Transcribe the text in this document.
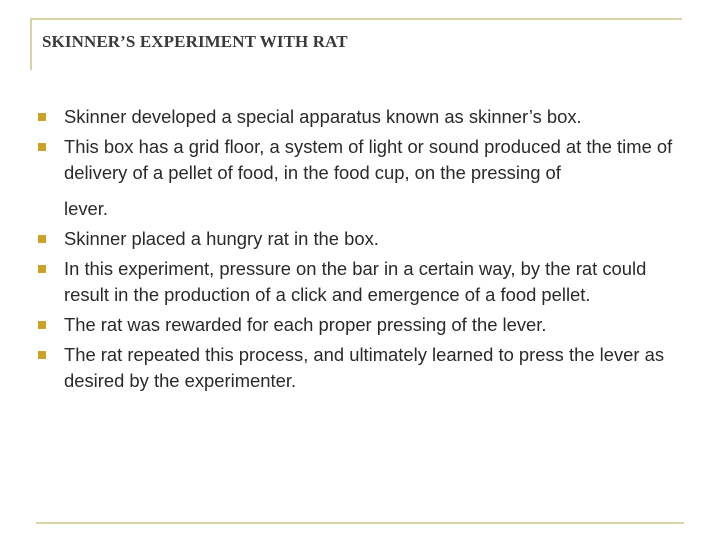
SKINNER’S EXPERIMENT WITH RAT
Skinner developed a special apparatus known as skinner’s box.
This box has a grid floor, a system of light or sound produced at the time of delivery of a pellet of food, in the food cup, on the pressing of
lever.
Skinner placed a hungry rat in the box.
In this experiment, pressure on the bar in a certain way, by the rat could result in the production of a click and emergence of a food pellet.
The rat was rewarded for each proper pressing of the lever.
The rat repeated this process, and ultimately learned to press the lever as desired by the experimenter.
